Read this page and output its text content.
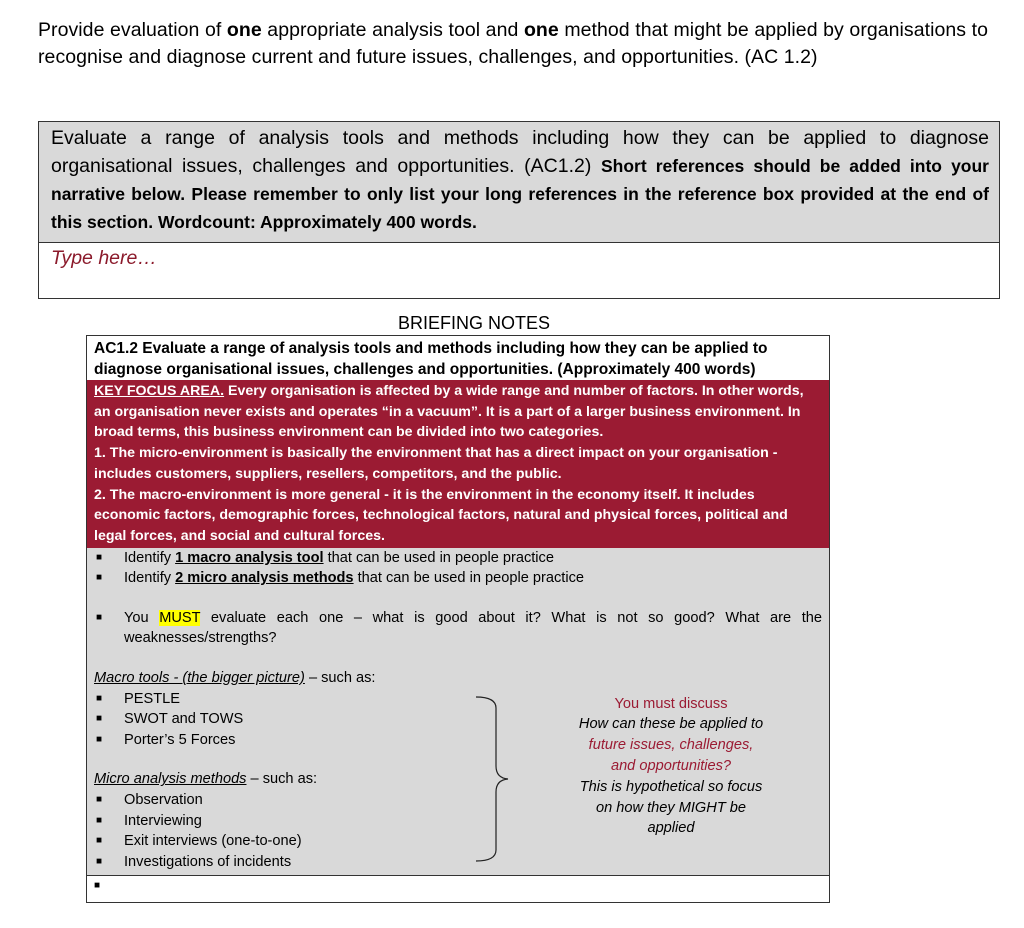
Provide evaluation of one appropriate analysis tool and one method that might be applied by organisations to recognise and diagnose current and future issues, challenges, and opportunities. (AC 1.2)
Evaluate a range of analysis tools and methods including how they can be applied to diagnose organisational issues, challenges and opportunities. (AC1.2) Short references should be added into your narrative below. Please remember to only list your long references in the reference box provided at the end of this section. Wordcount: Approximately 400 words.
Type here…
BRIEFING NOTES
AC1.2 Evaluate a range of analysis tools and methods including how they can be applied to diagnose organisational issues, challenges and opportunities. (Approximately 400 words)
KEY FOCUS AREA. Every organisation is affected by a wide range and number of factors. In other words, an organisation never exists and operates “in a vacuum”. It is a part of a larger business environment. In broad terms, this business environment can be divided into two categories.
1. The micro-environment is basically the environment that has a direct impact on your organisation - includes customers, suppliers, resellers, competitors, and the public.
2. The macro-environment is more general - it is the environment in the economy itself. It includes economic factors, demographic forces, technological factors, natural and physical forces, political and legal forces, and social and cultural forces.
■	Identify 1 macro analysis tool that can be used in people practice
■	Identify 2 micro analysis methods that can be used in people practice
■	You MUST evaluate each one – what is good about it? What is not so good? What are the weaknesses/strengths?
Macro tools - (the bigger picture) – such as:
■	PESTLE
■	SWOT and TOWS
■	Porter’s 5 Forces
Micro analysis methods – such as:
■	Observation
■	Interviewing
■	Exit interviews (one-to-one)
■	Investigations of incidents
You must discuss
How can these be applied to future issues, challenges, and opportunities?
This is hypothetical so focus on how they MIGHT be applied
■
